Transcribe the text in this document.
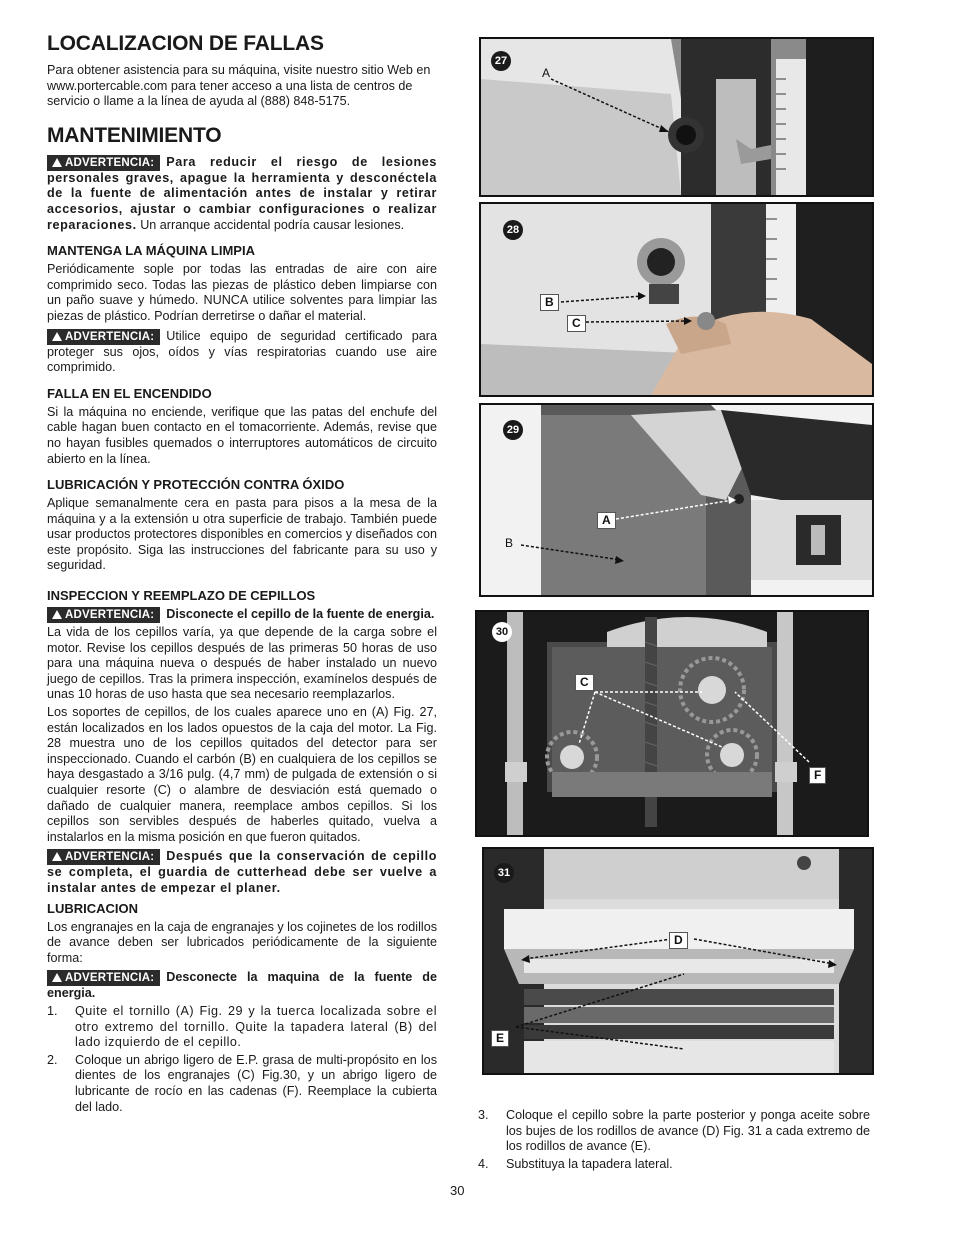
LOCALIZACION DE FALLAS

Para obtener asistencia para su máquina, visite nuestro sitio Web en www.portercable.com para tener acceso a una lista de centros de servicio o llame a la línea de ayuda al (888) 848-5175.

MANTENIMIENTO

ADVERTENCIA: Para reducir el riesgo de lesiones personales graves, apague la herramienta y desconéctela de la fuente de alimentación antes de instalar y retirar accesorios, ajustar o cambiar configuraciones o realizar reparaciones. Un arranque accidental podría causar lesiones.

MANTENGA LA MÁQUINA LIMPIA

Periódicamente sople por todas las entradas de aire con aire comprimido seco. Todas las piezas de plástico deben limpiarse con un paño suave y húmedo. NUNCA utilice solventes para limpiar las piezas de plástico. Podrían derretirse o dañar el material.

ADVERTENCIA: Utilice equipo de seguridad certificado para proteger sus ojos, oídos y vías respiratorias cuando use aire comprimido.

FALLA EN EL ENCENDIDO

Si la máquina no enciende, verifique que las patas del enchufe del cable hagan buen contacto en el tomacorriente. Además, revise que no hayan fusibles quemados o interruptores automáticos de circuito abierto en la línea.

LUBRICACIÓN Y PROTECCIÓN CONTRA ÓXIDO

Aplique semanalmente cera en pasta para pisos a la mesa de la máquina y a la extensión u otra superficie de trabajo. También puede usar productos protectores disponibles en comercios y diseñados con este propósito. Siga las instrucciones del fabricante para su uso y seguridad.

INSPECCION Y REEMPLAZO DE CEPILLOS

ADVERTENCIA: Disconecte el cepillo de la fuente de energia.

La vida de los cepillos varía, ya que depende de la carga sobre el motor. Revise los cepillos después de las primeras 50 horas de uso para una máquina nueva o después de haber instalado un nuevo juego de cepillos. Tras la primera inspección, examínelos después de unas 10 horas de uso hasta que sea necesario reemplazarlos.

Los soportes de cepillos, de los cuales aparece uno en (A) Fig. 27, están localizados en los lados opuestos de la caja del motor. La Fig. 28 muestra uno de los cepillos quitados del detector para ser inspeccionado. Cuando el carbón (B) en cualquiera de los cepillos se haya desgastado a 3/16 pulg. (4,7 mm) de pulgada de extensión o si cualquier resorte (C) o alambre de desviación está quemado o dañado de cualquier manera, reemplace ambos cepillos. Si los cepillos son servibles después de haberles quitado, vuelva a instalarlos en la misma posición en que fueron quitados.

ADVERTENCIA: Después que la conservación de cepillo se completa, el guardia de cutterhead debe ser vuelve a instalar antes de empezar el planer.

LUBRICACION

Los engranajes en la caja de engranajes y los cojinetes de los rodillos de avance deben ser lubricados periódicamente de la siguiente forma:

ADVERTENCIA: Desconecte la maquina de la fuente de energia.

1. Quite el tornillo (A) Fig. 29 y la tuerca localizada sobre el otro extremo del tornillo. Quite la tapadera lateral (B) del lado izquierdo de el cepillo.
2. Coloque un abrigo ligero de E.P. grasa de multi-propósito en los dientes de los engranajes (C) Fig.30, y un abrigo ligero de lubricante de rocío en las cadenas (F). Reemplace la cubierta del lado.
27
A
28
B
C
29
A
B
30
C
F
31
D
E
3. Coloque el cepillo sobre la parte posterior y ponga aceite sobre los bujes de los rodillos de avance (D) Fig. 31 a cada extremo de los rodillos de avance (E).
4. Substituya la tapadera lateral.
30
